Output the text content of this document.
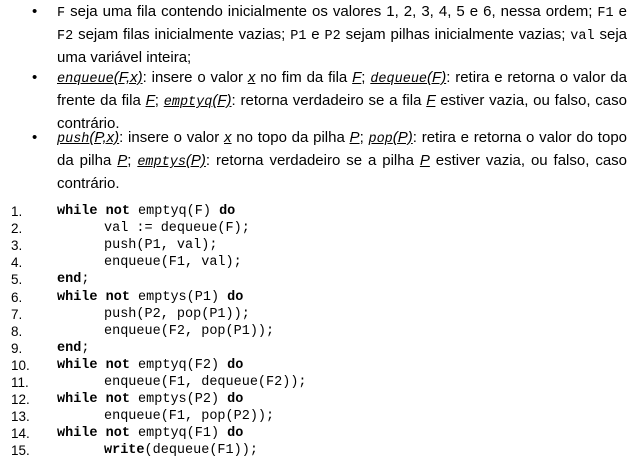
• F seja uma fila contendo inicialmente os valores 1, 2, 3, 4, 5 e 6, nessa ordem; F1 e F2 sejam filas inicialmente vazias; P1 e P2 sejam pilhas inicialmente vazias; val seja uma variável inteira;
• enqueue(F,x): insere o valor x no fim da fila F; dequeue(F): retira e retorna o valor da frente da fila F; emptyq(F): retorna verdadeiro se a fila F estiver vazia, ou falso, caso contrário.
• push(P,x): insere o valor x no topo da pilha P; pop(P): retira e retorna o valor do topo da pilha P; emptys(P): retorna verdadeiro se a pilha P estiver vazia, ou falso, caso contrário.
1.	while not emptyq(F) do
2.	val := dequeue(F);
3.	push(P1, val);
4.	enqueue(F1, val);
5.	end;
6.	while not emptys(P1) do
7.	push(P2, pop(P1));
8.	enqueue(F2, pop(P1));
9.	end;
10. while not emptyq(F2) do
11.	enqueue(F1, dequeue(F2));
12. while not emptys(P2) do
13.	enqueue(F1, pop(P2));
14. while not emptyq(F1) do
15.	write(dequeue(F1));
